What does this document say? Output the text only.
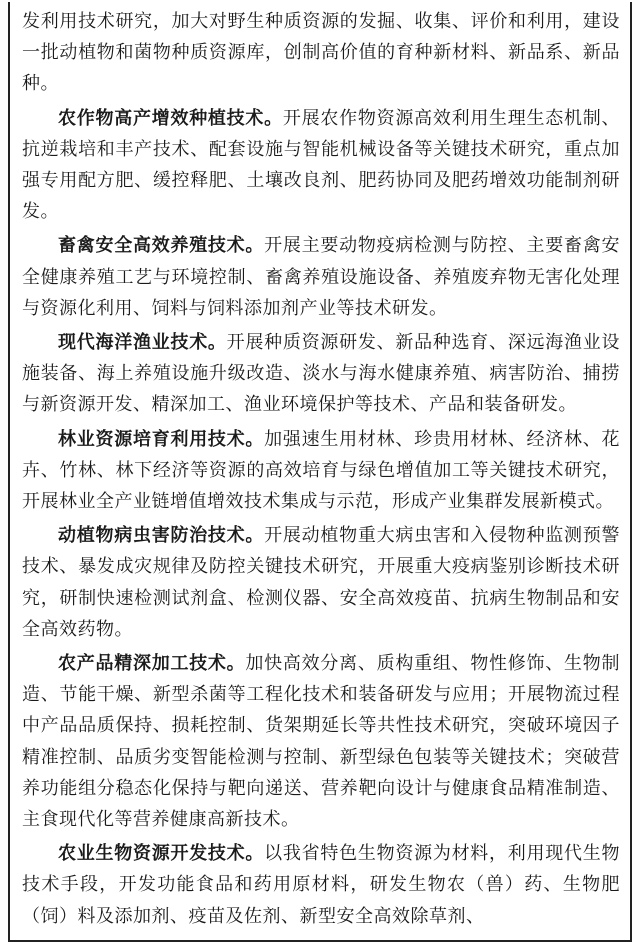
发利用技术研究，加大对野生种质资源的发掘、收集、评价和利用，建设一批动植物和菌物种质资源库，创制高价值的育种新材料、新品系、新品种。

农作物高产增效种植技术。开展农作物资源高效利用生理生态机制、抗逆栽培和丰产技术、配套设施与智能机械设备等关键技术研究，重点加强专用配方肥、缓控释肥、土壤改良剂、肥药协同及肥药增效功能制剂研发。

畜禽安全高效养殖技术。开展主要动物疫病检测与防控、主要畜禽安全健康养殖工艺与环境控制、畜禽养殖设施设备、养殖废弃物无害化处理与资源化利用、饲料与饲料添加剂产业等技术研发。

现代海洋渔业技术。开展种质资源研发、新品种选育、深远海渔业设施装备、海上养殖设施升级改造、淡水与海水健康养殖、病害防治、捕捞与新资源开发、精深加工、渔业环境保护等技术、产品和装备研发。

林业资源培育利用技术。加强速生用材林、珍贵用材林、经济林、花卉、竹林、林下经济等资源的高效培育与绿色增值加工等关键技术研究，开展林业全产业链增值增效技术集成与示范，形成产业集群发展新模式。

动植物病虫害防治技术。开展动植物重大病虫害和入侵物种监测预警技术、暴发成灾规律及防控关键技术研究，开展重大疫病鉴别诊断技术研究，研制快速检测试剂盒、检测仪器、安全高效疫苗、抗病生物制品和安全高效药物。

农产品精深加工技术。加快高效分离、质构重组、物性修饰、生物制造、节能干燥、新型杀菌等工程化技术和装备研发与应用；开展物流过程中产品品质保持、损耗控制、货架期延长等共性技术研究，突破环境因子精准控制、品质劣变智能检测与控制、新型绿色包装等关键技术；突破营养功能组分稳态化保持与靶向递送、营养靶向设计与健康食品精准制造、主食现代化等营养健康高新技术。

农业生物资源开发技术。以我省特色生物资源为材料，利用现代生物技术手段，开发功能食品和药用原材料，研发生物农（兽）药、生物肥（饲）料及添加剂、疫苗及佐剂、新型安全高效除草剂、
